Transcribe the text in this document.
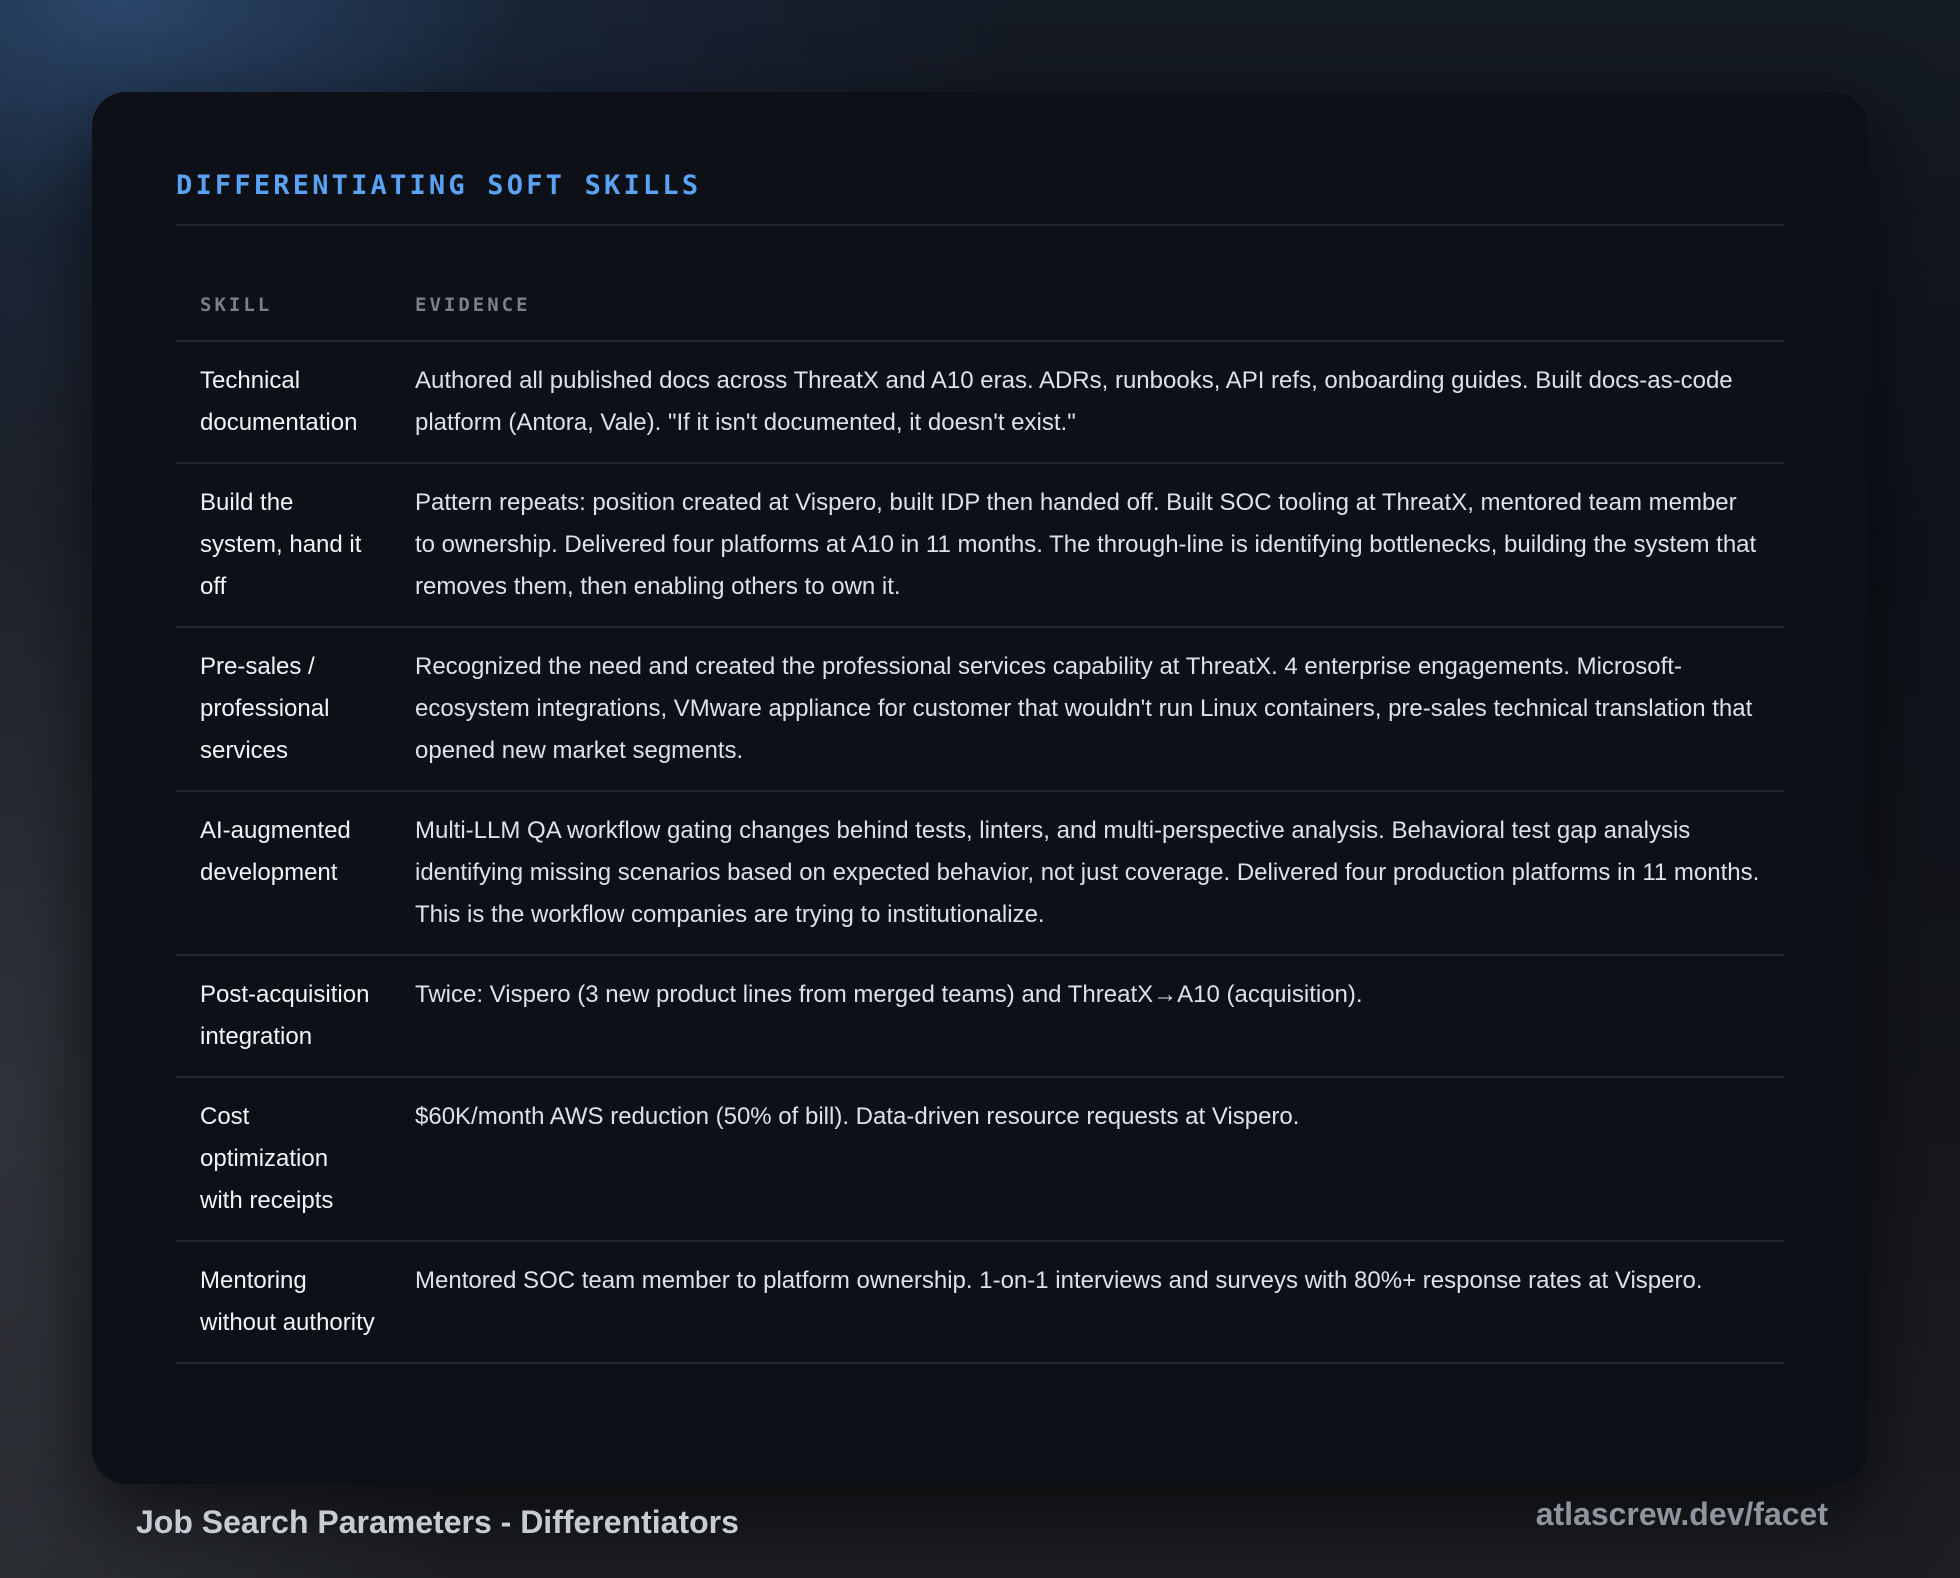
DIFFERENTIATING SOFT SKILLS
SKILL	EVIDENCE
Technical documentation	Authored all published docs across ThreatX and A10 eras. ADRs, runbooks, API refs, onboarding guides. Built docs-as-code platform (Antora, Vale). "If it isn't documented, it doesn't exist."
Build the system, hand it off	Pattern repeats: position created at Vispero, built IDP then handed off. Built SOC tooling at ThreatX, mentored team member to ownership. Delivered four platforms at A10 in 11 months. The through-line is identifying bottlenecks, building the system that removes them, then enabling others to own it.
Pre-sales / professional services	Recognized the need and created the professional services capability at ThreatX. 4 enterprise engagements. Microsoft-ecosystem integrations, VMware appliance for customer that wouldn't run Linux containers, pre-sales technical translation that opened new market segments.
AI-augmented development	Multi-LLM QA workflow gating changes behind tests, linters, and multi-perspective analysis. Behavioral test gap analysis identifying missing scenarios based on expected behavior, not just coverage. Delivered four production platforms in 11 months. This is the workflow companies are trying to institutionalize.
Post-acquisition integration	Twice: Vispero (3 new product lines from merged teams) and ThreatX→A10 (acquisition).
Cost optimization with receipts	$60K/month AWS reduction (50% of bill). Data-driven resource requests at Vispero.
Mentoring without authority	Mentored SOC team member to platform ownership. 1-on-1 interviews and surveys with 80%+ response rates at Vispero.
Job Search Parameters - Differentiators	atlascrew.dev/facet
